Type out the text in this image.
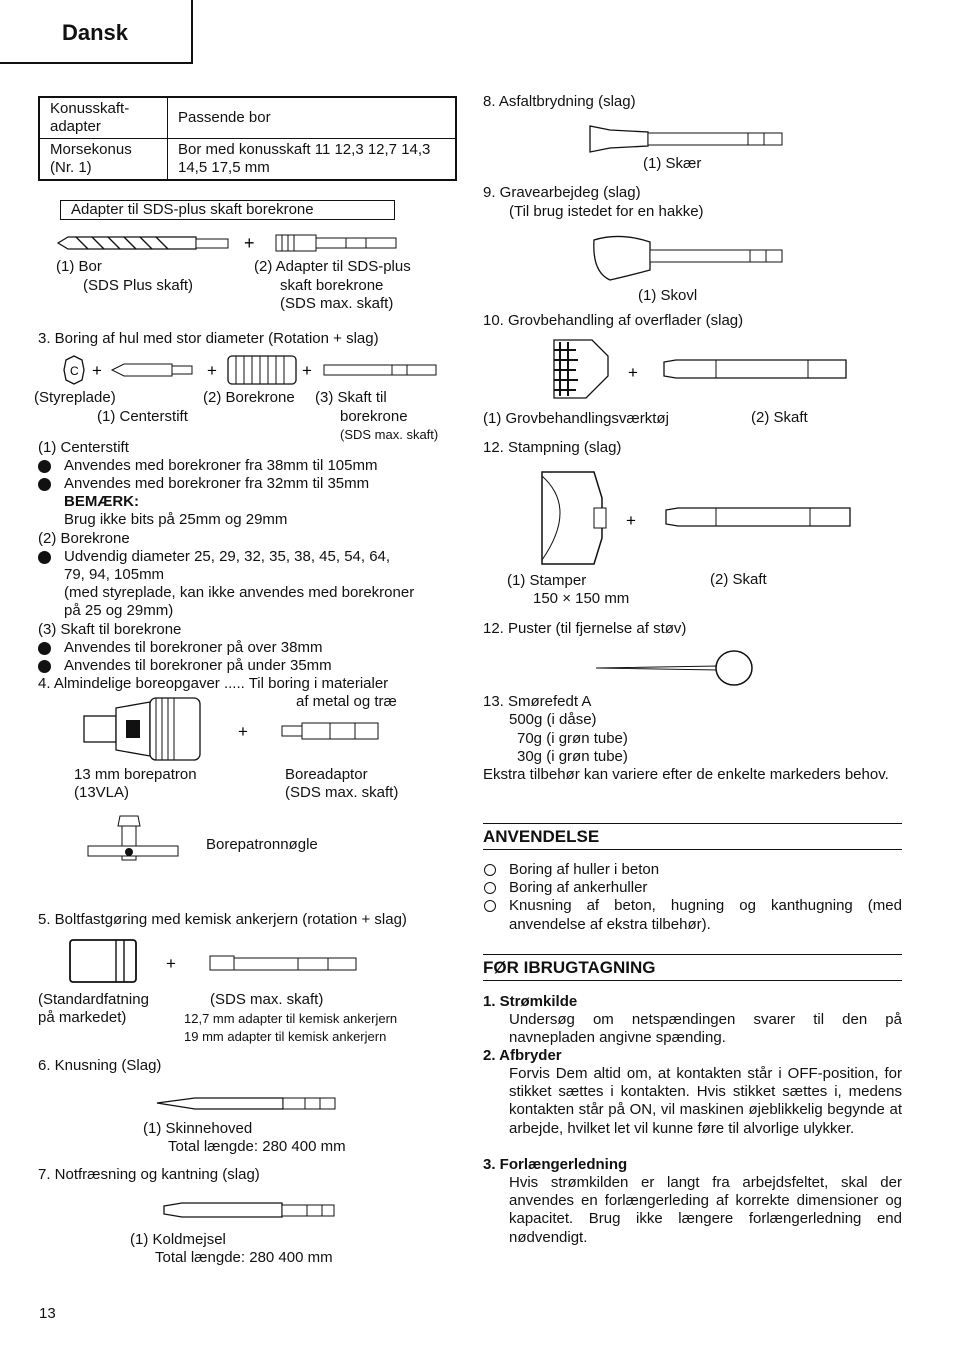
Dansk
Konusskaft-adapter	Passende bor
Morsekonus (Nr. 1)	Bor med konusskaft 11 12,3 12,7 14,3 14,5 17,5 mm
Adapter til SDS-plus skaft borekrone
+
(1) Bor
(SDS Plus skaft)
(2) Adapter til SDS-plus
skaft borekrone
(SDS max. skaft)
3. Boring af hul med stor diameter (Rotation + slag)
C +	+	+
(Styreplade)
(1) Centerstift
(2) Borekrone (3) Skaft til
borekrone
(SDS max. skaft)
(1) Centerstift
Anvendes med borekroner fra 38mm til 105mm
Anvendes med borekroner fra 32mm til 35mm
BEMÆRK:
Brug ikke bits på 25mm og 29mm
(2) Borekrone
Udvendig diameter 25, 29, 32, 35, 38, 45, 54, 64,
79, 94, 105mm
(med styreplade, kan ikke anvendes med borekroner
på 25 og 29mm)
(3) Skaft til borekrone
Anvendes til borekroner på over 38mm
Anvendes til borekroner på under 35mm
4. Almindelige boreopgaver ..... Til boring i materialer
af metal og træ
+
13 mm borepatron
(13VLA)
Boreadaptor
(SDS max. skaft)
Borepatronnøgle
5. Boltfastgøring med kemisk ankerjern (rotation + slag)
+
(Standardfatning
på markedet)
(SDS max. skaft)
12,7 mm adapter til kemisk ankerjern
19 mm adapter til kemisk ankerjern
6. Knusning (Slag)
(1) Skinnehoved
Total længde: 280 400 mm
7. Notfræsning og kantning (slag)
(1) Koldmejsel
Total længde: 280 400 mm
13
8. Asfaltbrydning (slag)
(1) Skær
9. Gravearbejdeg (slag)
(Til brug istedet for en hakke)
(1) Skovl
10. Grovbehandling af overflader (slag)
+
(1) Grovbehandlingsværktøj	(2) Skaft
12. Stampning (slag)
+
(1) Stamper
150 × 150 mm
(2) Skaft
12. Puster (til fjernelse af støv)
13. Smørefedt A
500g (i dåse)
70g (i grøn tube)
30g (i grøn tube)
Ekstra tilbehør kan variere efter de enkelte markeders behov.
ANVENDELSE
Boring af huller i beton
Boring af ankerhuller
Knusning af beton, hugning og kanthugning (med
anvendelse af ekstra tilbehør).
FØR IBRUGTAGNING
1. Strømkilde
Undersøg om netspændingen svarer til den på navnepladen angivne spænding.
2. Afbryder
Forvis Dem altid om, at kontakten står i OFF-position, for stikket sættes i kontakten. Hvis stikket sættes i, medens kontakten står på ON, vil maskinen øjeblikkelig begynde at arbejde, hvilket let vil kunne føre til alvorlige ulykker.
3. Forlængerledning
Hvis strømkilden er langt fra arbejdsfeltet, skal der anvendes en forlængerleding af korrekte dimensioner og kapacitet. Brug ikke længere forlængerledning end nødvendigt.
